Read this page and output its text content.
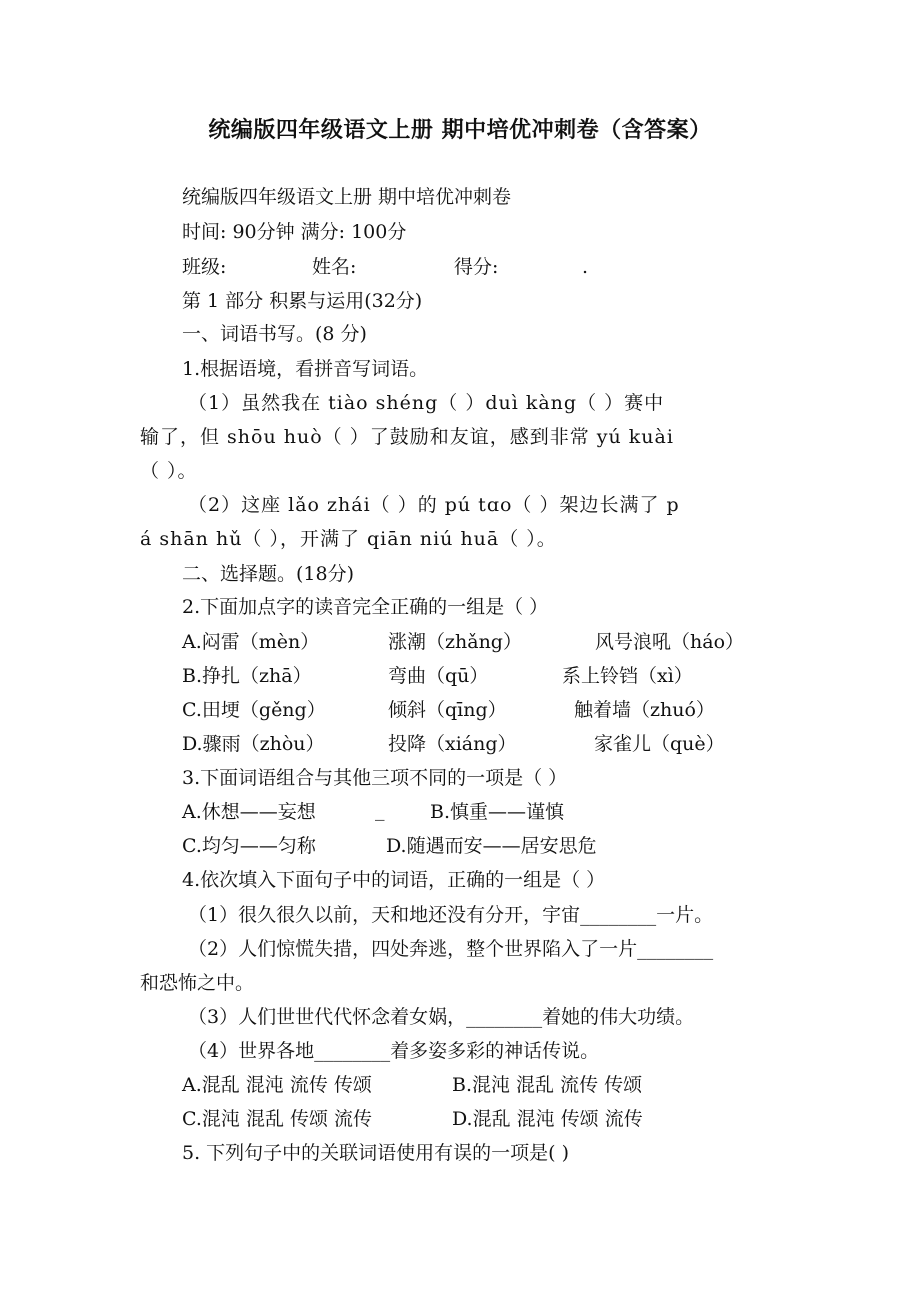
统编版四年级语文上册 期中培优冲刺卷（含答案）
统编版四年级语文上册 期中培优冲刺卷
时间: 90分钟 满分: 100分
班级:	姓名:	得分:	.
第 1 部分 积累与运用(32分)
一、词语书写。(8 分)
1.根据语境，看拼音写词语。
（1）虽然我在 tiào shéng（ ）duì kàng（ ）赛中
输了，但 shōu huò（ ）了鼓励和友谊，感到非常 yú kuài
（ ）。
（2）这座 lǎo zhái（ ）的 pú tɑo（ ）架边长满了 p
á shān hǔ（ ），开满了 qiān niú huā（ ）。
二、选择题。(18分)
2.下面加点字的读音完全正确的一组是（ ）
A.闷雷（mèn）	涨潮（zhǎng）	风号浪吼（háo）
B.挣扎（zhā）	弯曲（qū）	系上铃铛（xì）
C.田埂（gěng）	倾斜（qīng）	触着墙（zhuó）
D.骤雨（zhòu）	投降（xiáng）	家雀儿（què）
3.下面词语组合与其他三项不同的一项是（ ）
A.休想——妄想	_ B.慎重——谨慎
C.均匀——匀称	D.随遇而安——居安思危
4.依次填入下面句子中的词语，正确的一组是（ ）
（1）很久很久以前，天和地还没有分开，宇宙________一片。
（2）人们惊慌失措，四处奔逃，整个世界陷入了一片________
和恐怖之中。
（3）人们世世代代怀念着女娲，________着她的伟大功绩。
（4）世界各地________着多姿多彩的神话传说。
A.混乱 混沌 流传 传颂	B.混沌 混乱 流传 传颂
C.混沌 混乱 传颂 流传	D.混乱 混沌 传颂 流传
5. 下列句子中的关联词语使用有误的一项是( )
